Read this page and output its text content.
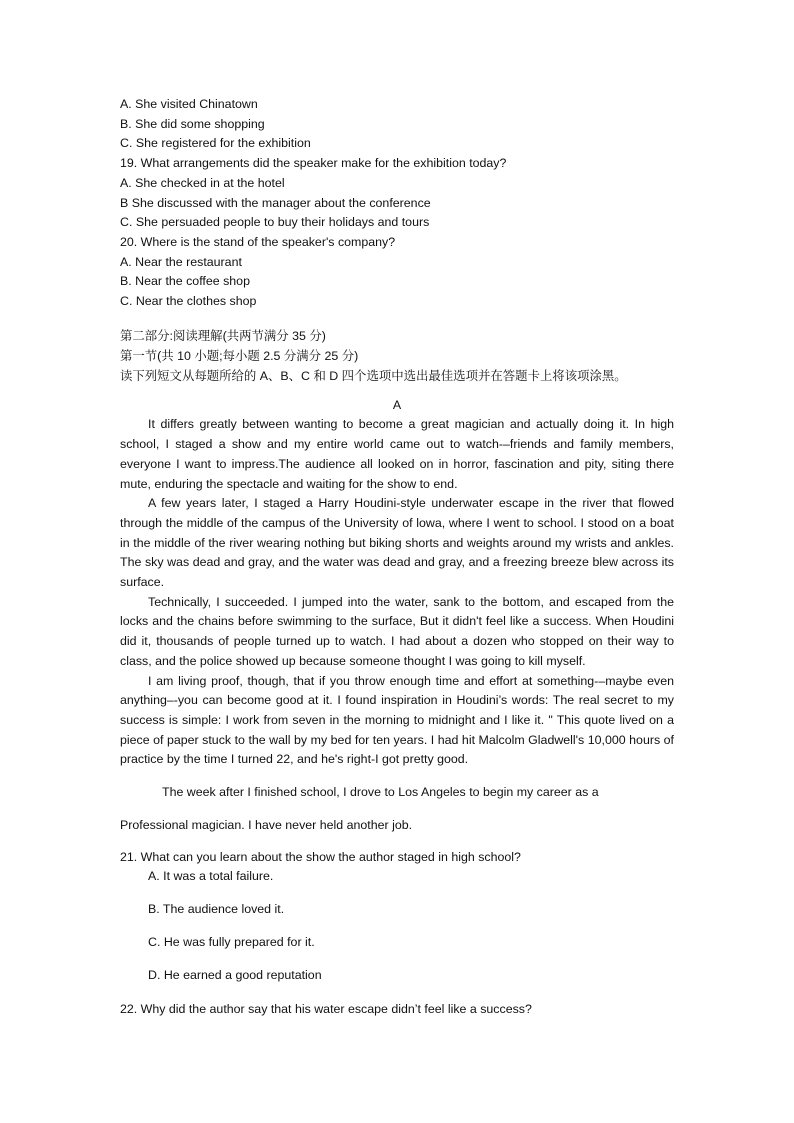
A. She visited Chinatown
B. She did some shopping
C. She registered for the exhibition
19. What arrangements did the speaker make for the exhibition today?
A. She checked in at the hotel
B She discussed with the manager about the conference
C. She persuaded people to buy their holidays and tours
20. Where is the stand of the speaker's company?
A. Near the restaurant
B. Near the coffee shop
C. Near the clothes shop
第二部分:阅读理解(共两节满分 35 分)
第一节(共 10 小题;每小题 2.5 分满分 25 分)
读下列短文从每题所给的 A、B、C 和 D 四个选项中选出最佳选项并在答题卡上将该项涂黑。
A

It differs greatly between wanting to become a great magician and actually doing it. In high school, I staged a show and my entire world came out to watch-–friends and family members, everyone I want to impress.The audience all looked on in horror, fascination and pity, siting there mute, enduring the spectacle and waiting for the show to end.

A few years later, I staged a Harry Houdini-style underwater escape in the river that flowed through the middle of the campus of the University of lowa, where I went to school. I stood on a boat in the middle of the river wearing nothing but biking shorts and weights around my wrists and ankles. The sky was dead and gray, and the water was dead and gray, and a freezing breeze blew across its surface.

Technically, I succeeded. I jumped into the water, sank to the bottom, and escaped from the locks and the chains before swimming to the surface, But it didn't feel like a success. When Houdini did it, thousands of people turned up to watch. I had about a dozen who stopped on their way to class, and the police showed up because someone thought I was going to kill myself.

I am living proof, though, that if you throw enough time and effort at something-–maybe even anything–-you can become good at it. I found inspiration in Houdini’s words: The real secret to my success is simple: I work from seven in the morning to midnight and I like it. " This quote lived on a piece of paper stuck to the wall by my bed for ten years. I had hit Malcolm Gladwell's 10,000 hours of practice by the time I turned 22, and he's right-I got pretty good.

The week after I finished school, I drove to Los Angeles to begin my career as a

Professional magician. I have never held another job.

21. What can you learn about the show the author staged in high school?
A. It was a total failure.
B. The audience loved it.
C. He was fully prepared for it.
D. He earned a good reputation
22. Why did the author say that his water escape didn’t feel like a success?
